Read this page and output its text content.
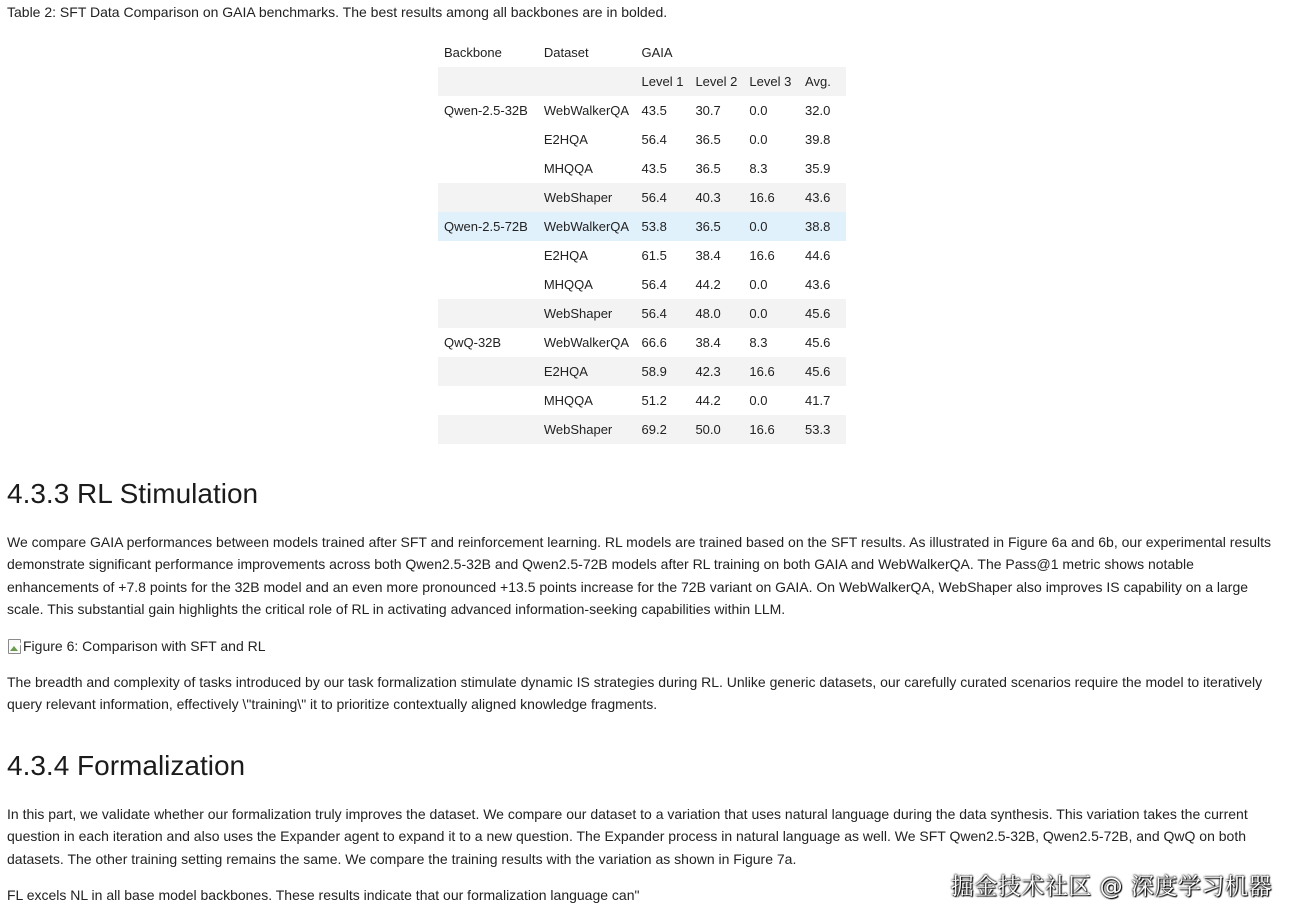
Table 2: SFT Data Comparison on GAIA benchmarks. The best results among all backbones are in bolded.
Backbone	Dataset	GAIA			
		Level 1	Level 2	Level 3	Avg.
Qwen-2.5-32B	WebWalkerQA	43.5	30.7	0.0	32.0
	E2HQA	56.4	36.5	0.0	39.8
	MHQQA	43.5	36.5	8.3	35.9
	WebShaper	56.4	40.3	16.6	43.6
Qwen-2.5-72B	WebWalkerQA	53.8	36.5	0.0	38.8
	E2HQA	61.5	38.4	16.6	44.6
	MHQQA	56.4	44.2	0.0	43.6
	WebShaper	56.4	48.0	0.0	45.6
QwQ-32B	WebWalkerQA	66.6	38.4	8.3	45.6
	E2HQA	58.9	42.3	16.6	45.6
	MHQQA	51.2	44.2	0.0	41.7
	WebShaper	69.2	50.0	16.6	53.3
4.3.3 RL Stimulation

We compare GAIA performances between models trained after SFT and reinforcement learning. RL models are trained based on the SFT results. As illustrated in Figure 6a and 6b, our experimental results demonstrate significant performance improvements across both Qwen2.5-32B and Qwen2.5-72B models after RL training on both GAIA and WebWalkerQA. The Pass@1 metric shows notable enhancements of +7.8 points for the 32B model and an even more pronounced +13.5 points increase for the 72B variant on GAIA. On WebWalkerQA, WebShaper also improves IS capability on a large scale. This substantial gain highlights the critical role of RL in activating advanced information-seeking capabilities within LLM.

Figure 6: Comparison with SFT and RL

The breadth and complexity of tasks introduced by our task formalization stimulate dynamic IS strategies during RL. Unlike generic datasets, our carefully curated scenarios require the model to iteratively query relevant information, effectively \"training\" it to prioritize contextually aligned knowledge fragments.

4.3.4 Formalization

In this part, we validate whether our formalization truly improves the dataset. We compare our dataset to a variation that uses natural language during the data synthesis. This variation takes the current question in each iteration and also uses the Expander agent to expand it to a new question. The Expander process in natural language as well. We SFT Qwen2.5-32B, Qwen2.5-72B, and QwQ on both datasets. The other training setting remains the same. We compare the training results with the variation as shown in Figure 7a.

FL excels NL in all base model backbones. These results indicate that our formalization language can"	掘金技术社区 @ 深度学习机器
